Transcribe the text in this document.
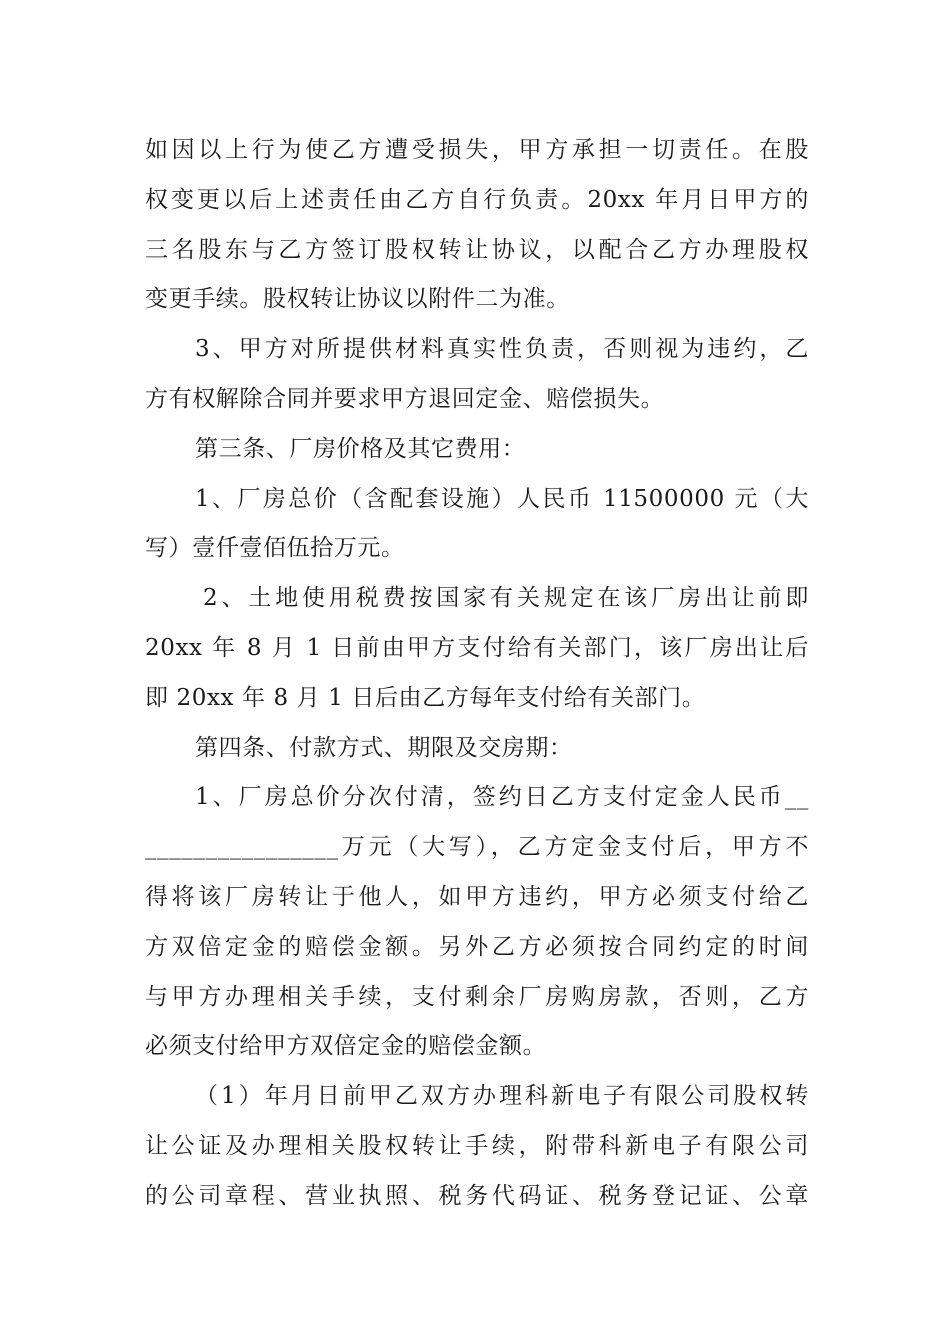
如因以上行为使乙方遭受损失，甲方承担一切责任。在股
权变更以后上述责任由乙方自行负责。20xx 年月日甲方的
三名股东与乙方签订股权转让协议，以配合乙方办理股权
变更手续。股权转让协议以附件二为准。
3、甲方对所提供材料真实性负责，否则视为违约，乙
方有权解除合同并要求甲方退回定金、赔偿损失。
第三条、厂房价格及其它费用：
1、厂房总价（含配套设施）人民币 11500000 元（大
写）壹仟壹佰伍拾万元。
2、土地使用税费按国家有关规定在该厂房出让前即
20xx 年 8 月 1 日前由甲方支付给有关部门，该厂房出让后
即 20xx 年 8 月 1 日后由乙方每年支付给有关部门。
第四条、付款方式、期限及交房期：
1、厂房总价分次付清，签约日乙方支付定金人民币__
________________万元（大写），乙方定金支付后，甲方不
得将该厂房转让于他人，如甲方违约，甲方必须支付给乙
方双倍定金的赔偿金额。另外乙方必须按合同约定的时间
与甲方办理相关手续，支付剩余厂房购房款，否则，乙方
必须支付给甲方双倍定金的赔偿金额。
（1）年月日前甲乙双方办理科新电子有限公司股权转
让公证及办理相关股权转让手续，附带科新电子有限公司
的公司章程、营业执照、税务代码证、税务登记证、公章
